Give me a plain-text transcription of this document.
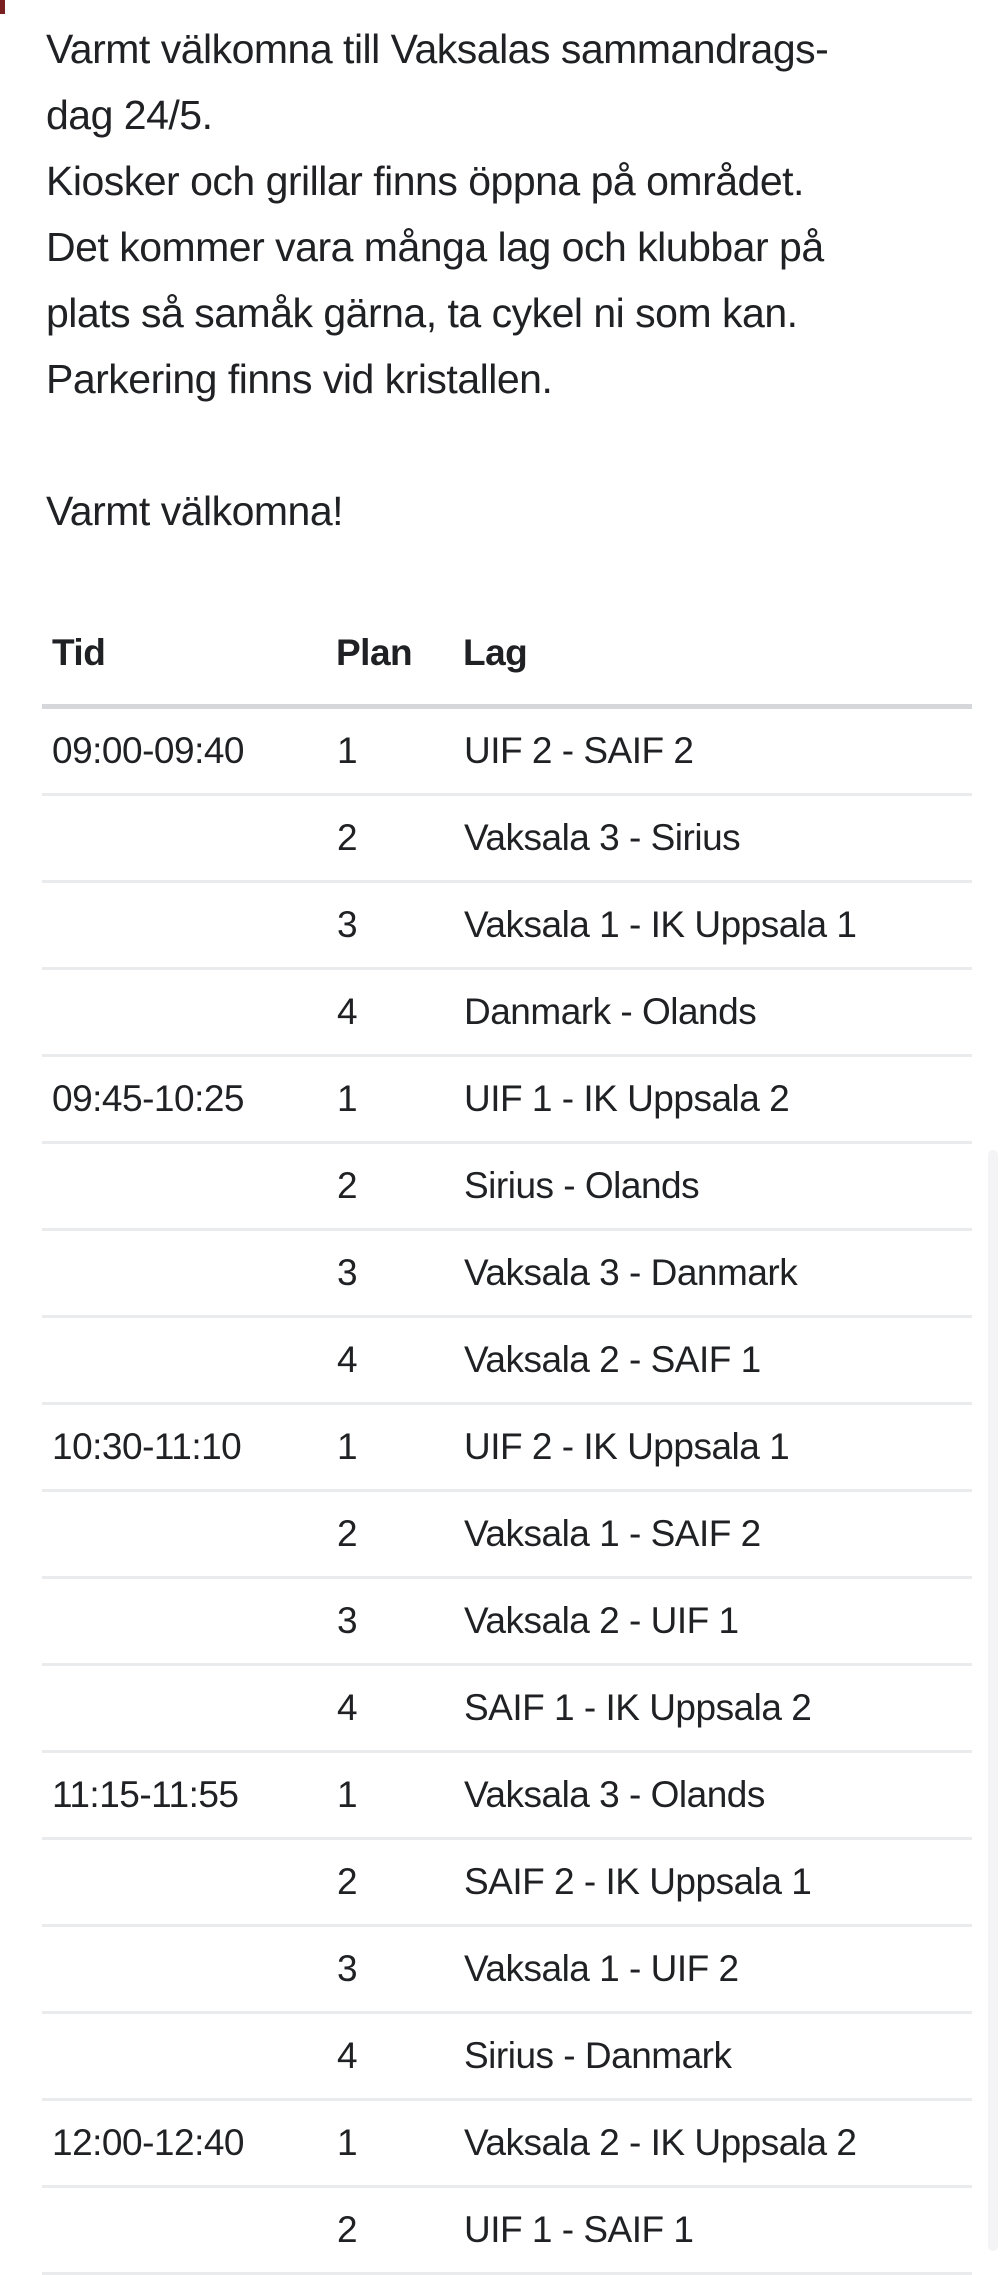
Varmt välkomna till Vaksalas sammandrags-
dag 24/5.
Kiosker och grillar finns öppna på området.
Det kommer vara många lag och klubbar på
plats så samåk gärna, ta cykel ni som kan.
Parkering finns vid kristallen.
Varmt välkomna!
Tid	Plan	Lag
09:00-09:40	1	UIF 2 - SAIF 2
	2	Vaksala 3 - Sirius
	3	Vaksala 1 - IK Uppsala 1
	4	Danmark - Olands
09:45-10:25	1	UIF 1 - IK Uppsala 2
	2	Sirius - Olands
	3	Vaksala 3 - Danmark
	4	Vaksala 2 - SAIF 1
10:30-11:10	1	UIF 2 - IK Uppsala 1
	2	Vaksala 1 - SAIF 2
	3	Vaksala 2 - UIF 1
	4	SAIF 1 - IK Uppsala 2
11:15-11:55	1	Vaksala 3 - Olands
	2	SAIF 2 - IK Uppsala 1
	3	Vaksala 1 - UIF 2
	4	Sirius - Danmark
12:00-12:40	1	Vaksala 2 - IK Uppsala 2
	2	UIF 1 - SAIF 1
